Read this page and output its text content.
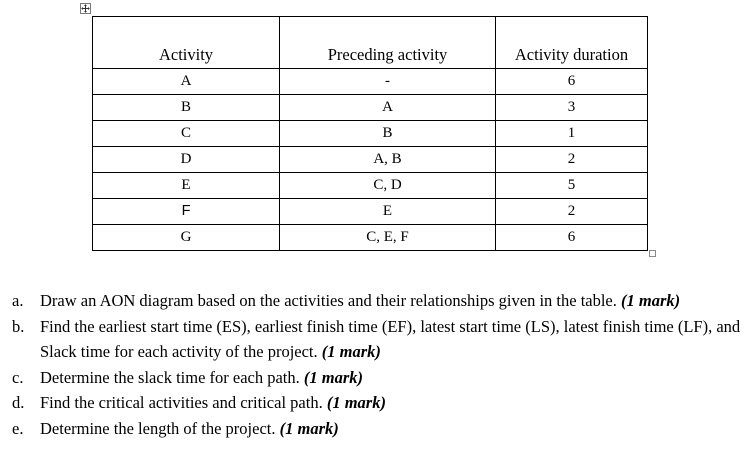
Activity	Preceding activity	Activity duration
A	-	6
B	A	3
C	B	1
D	A, B	2
E	C, D	5
F	E	2
G	C, E, F	6
a. Draw an AON diagram based on the activities and their relationships given in the table. (1 mark)
b. Find the earliest start time (ES), earliest finish time (EF), latest start time (LS), latest finish time (LF), and Slack time for each activity of the project. (1 mark)
c. Determine the slack time for each path. (1 mark)
d. Find the critical activities and critical path. (1 mark)
e. Determine the length of the project. (1 mark)
